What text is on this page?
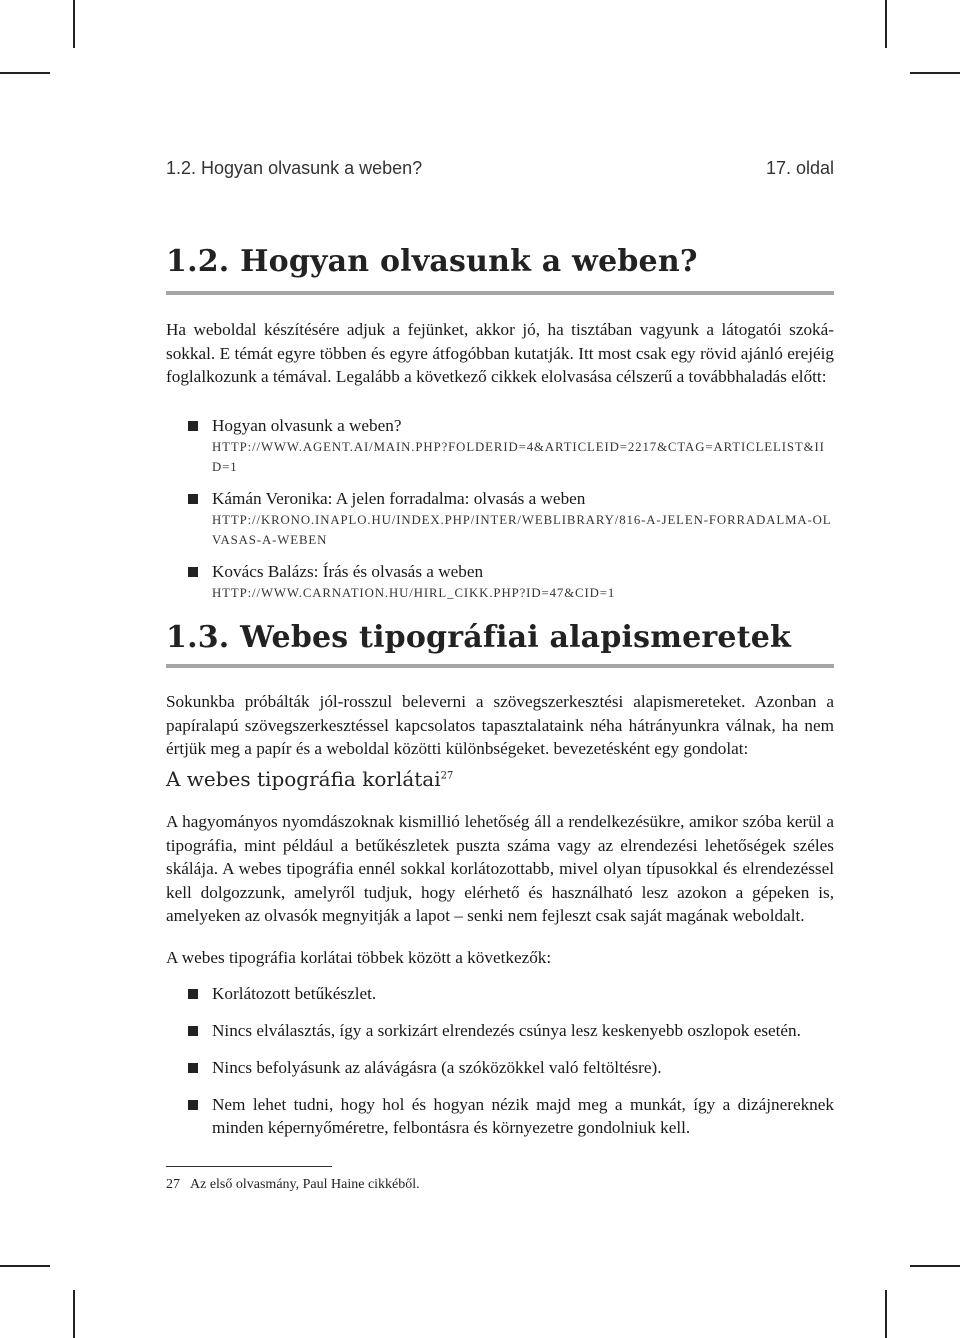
1.2. Hogyan olvasunk a weben?	17. oldal
1.2. Hogyan olvasunk a weben?

Ha weboldal készítésére adjuk a fejünket, akkor jó, ha tisztában vagyunk a látogatói szokásokkal. E témát egyre többen és egyre átfogóbban kutatják. Itt most csak egy rövid ajánló erejéig foglalkozunk a témával. Legalább a következő cikkek elolvasása célszerű a továbbhaladás előtt:

Hogyan olvasunk a weben?
HTTP://WWW.AGENT.AI/MAIN.PHP?FOLDERID=4&ARTICLEID=2217&CTAG=ARTICLELIST&IID=1
Kámán Veronika: A jelen forradalma: olvasás a weben
HTTP://KRONO.INAPLO.HU/INDEX.PHP/INTER/WEBLIBRARY/816-A-JELEN-FORRADALMA-OLVASAS-A-WEBEN
Kovács Balázs: Írás és olvasás a weben
HTTP://WWW.CARNATION.HU/HIRL_CIKK.PHP?ID=47&CID=1
1.3. Webes tipográfiai alapismeretek

Sokunkba próbálták jól-rosszul beleverni a szövegszerkesztési alapismereteket. Azonban a papíralapú szövegszerkesztéssel kapcsolatos tapasztalataink néha hátrányunkra válnak, ha nem értjük meg a papír és a weboldal közötti különbségeket. bevezetésként egy gondolat:

A webes tipográfia korlátai$^{27}$

A hagyományos nyomdászoknak kismillió lehetőség áll a rendelkezésükre, amikor szóba kerül a tipográfia, mint például a betűkészletek puszta száma vagy az elrendezési lehetőségek széles skálája. A webes tipográfia ennél sokkal korlátozottabb, mivel olyan típusokkal és elrendezéssel kell dolgozzunk, amelyről tudjuk, hogy elérhető és használható lesz azokon a gépeken is, amelyeken az olvasók megnyitják a lapot – senki nem fejleszt csak saját magának weboldalt.

A webes tipográfia korlátai többek között a következők:

Korlátozott betűkészlet.
Nincs elválasztás, így a sorkizárt elrendezés csúnya lesz keskenyebb oszlopok esetén.
Nincs befolyásunk az alávágásra (a szóközökkel való feltöltésre).
Nem lehet tudni, hogy hol és hogyan nézik majd meg a munkát, így a dizájnereknek minden képernyőméretre, felbontásra és környezetre gondolniuk kell.
27 Az első olvasmány, Paul Haine cikkéből.
